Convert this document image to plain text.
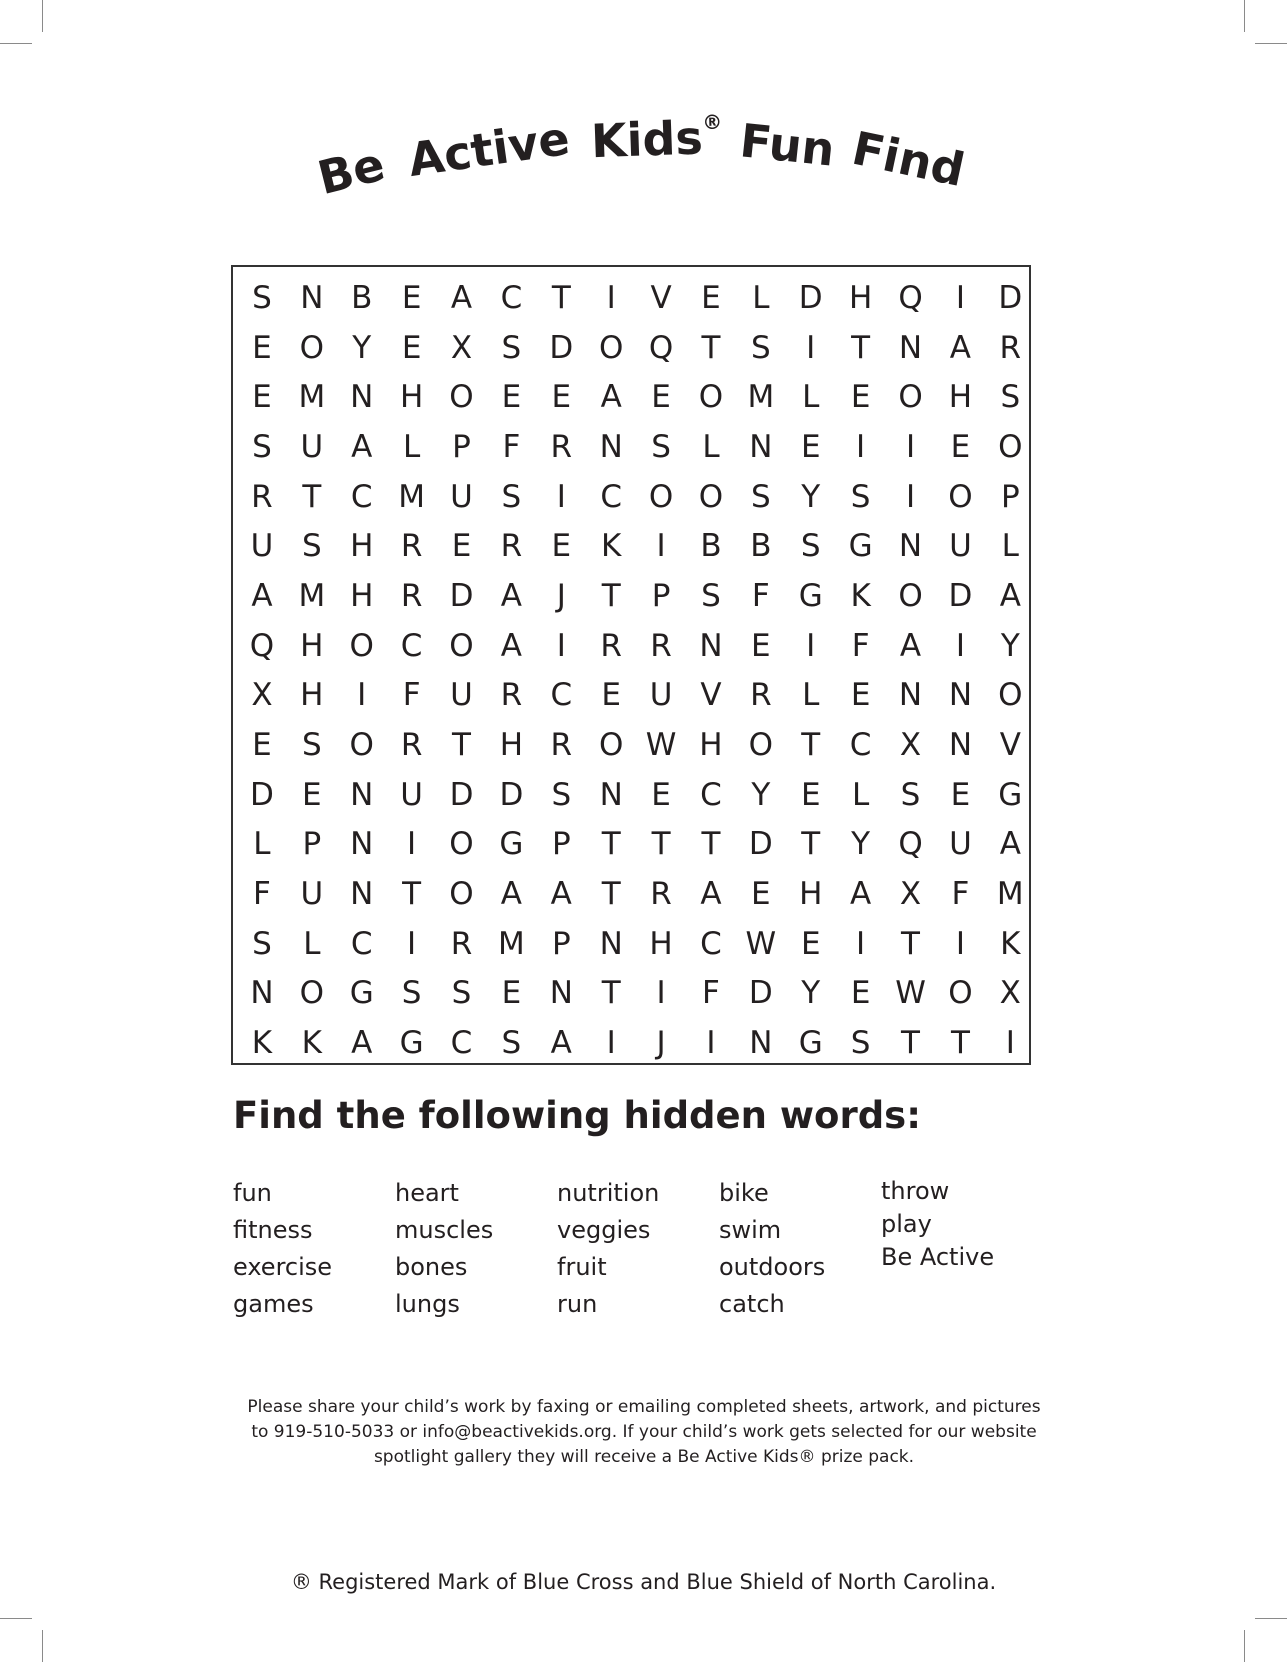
Be Active Kids® Fun Find
S N B E A C T	I	V E	L D H Q	I	D
E O Y E X S D O Q T S	I	T N A R
E M N H O E E A E O M L	E O H S
S U A L	P	F R N S	L N E	I	I	E O
R T C M U S	I	C O O S Y S	I	O P
U S H R E R E K	I	B B S G N U L
A M H R D A	J	T	P S	F G K O D A
Q H O C O A	I	R R N E	I	F A	I	Y
X H	I	F U R C E U V R L	E N N O
E S O R T H R O W H O T C X N V
D E N U D D S N E C Y E	L	S E G
L	P N	I	O G P	T T T D T Y Q U A
F U N T O A A T R A E H A X F M
S	L C	I	R M P N H C W E	I	T	I	K
N O G S S E N T	I	F D Y E W O X
K K A G C S A	I	J	I	N G S T T	I
Find the following hidden words:
fun
fitness
exercise
games
heart
muscles
bones
lungs
nutrition
veggies
fruit
run
bike
swim
outdoors
catch
throw
play
Be Active
Please share your child’s work by faxing or emailing completed sheets, artwork, and pictures
to 919-510-5033 or info@beactivekids.org. If your child’s work gets selected for our website
spotlight gallery they will receive a Be Active Kids® prize pack.
® Registered Mark of Blue Cross and Blue Shield of North Carolina.
